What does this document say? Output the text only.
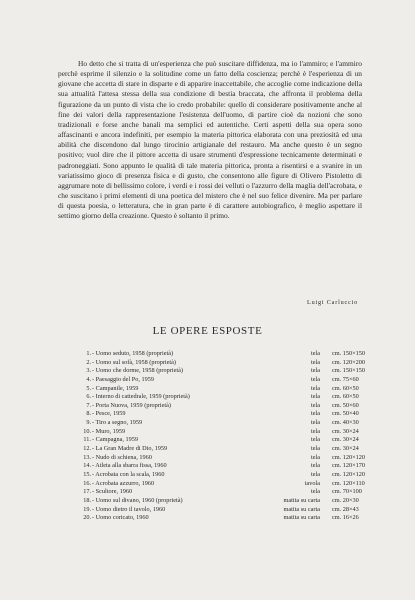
Ho detto che si tratta di un'esperienza che può suscitare diffidenza, ma io l'ammiro; e l'ammiro perchè esprime il silenzio e la solitudine come un fatto della coscienza; perchè è l'esperienza di un giovane che accetta di stare in disparte e di apparire inaccettabile, che accoglie come indicazione della sua attualità l'attesa stessa della sua condizione di bestia braccata, che affronta il problema della figurazione da un punto di vista che io credo probabile: quello di considerare positivamente anche al fine dei valori della rappresentazione l'esistenza dell'uomo, di partire cioè da nozioni che sono tradizionali e forse anche banali ma semplici ed autentiche. Certi aspetti della sua opera sono affascinanti e ancora indefiniti, per esempio la materia pittorica elaborata con una preziosità ed una abilità che discendono dal lungo tirocinio artigianale del restauro. Ma anche questo è un segno positivo; vuol dire che il pittore accetta di usare strumenti d'espressione tecnicamente determinati e padroneggiati. Sono appunto le qualità di tale materia pittorica, pronta a risentirsi e a svanire in un variatissimo gioco di presenza fisica e di gusto, che consentono alle figure di Olivero Pistoletto di aggrumare note di bellissimo colore, i verdi e i rossi dei velluti o l'azzurro della maglia dell'acrobata, e che suscitano i primi elementi di una poetica del mistero che è nel suo felice divenire. Ma per parlare di questa poesia, o letteratura, che in gran parte è di carattere autobiografico, è meglio aspettare il settimo giorno della creazione. Questo è soltanto il primo.

Luigi Carluccio
LE OPERE ESPOSTE
1. - Uomo seduto, 1958 (proprietà)	tela cm. 150×150
2. - Uomo sul sofà, 1958 (proprietà)	tela cm. 120×200
3. - Uomo che dorme, 1958 (proprietà)	tela cm. 150×150
4. - Paesaggio del Po, 1959	tela cm. 75×60
5. - Campanile, 1959	tela cm. 60×50
6. - Interno di cattedrale, 1959 (proprietà)	tela cm. 60×50
7. - Porta Nuova, 1959 (proprietà)	tela cm. 50×60
8. - Pesce, 1959	tela cm. 50×40
9. - Tiro a segno, 1959	tela cm. 40×30
10. - Muro, 1959	tela cm. 30×24
11. - Campagna, 1959	tela cm. 30×24
12. - La Gran Madre di Dio, 1959	tela cm. 30×24
13. - Nudo di schiena, 1960	tela cm. 120×120
14. - Atleta alla sbarra fissa, 1960	tela cm. 120×170
15. - Acrobata con la scala, 1960	tela cm. 120×120
16. - Acrobata azzurro, 1960	tavola cm. 120×110
17. - Scultore, 1960	tela cm. 70×100
18. - Uomo sul divano, 1960 (proprietà)	matita su carta cm. 20×30
19. - Uomo dietro il tavolo, 1960	matita su carta cm. 28×43
20. - Uomo coricato, 1960	matita su carta cm. 16×26
